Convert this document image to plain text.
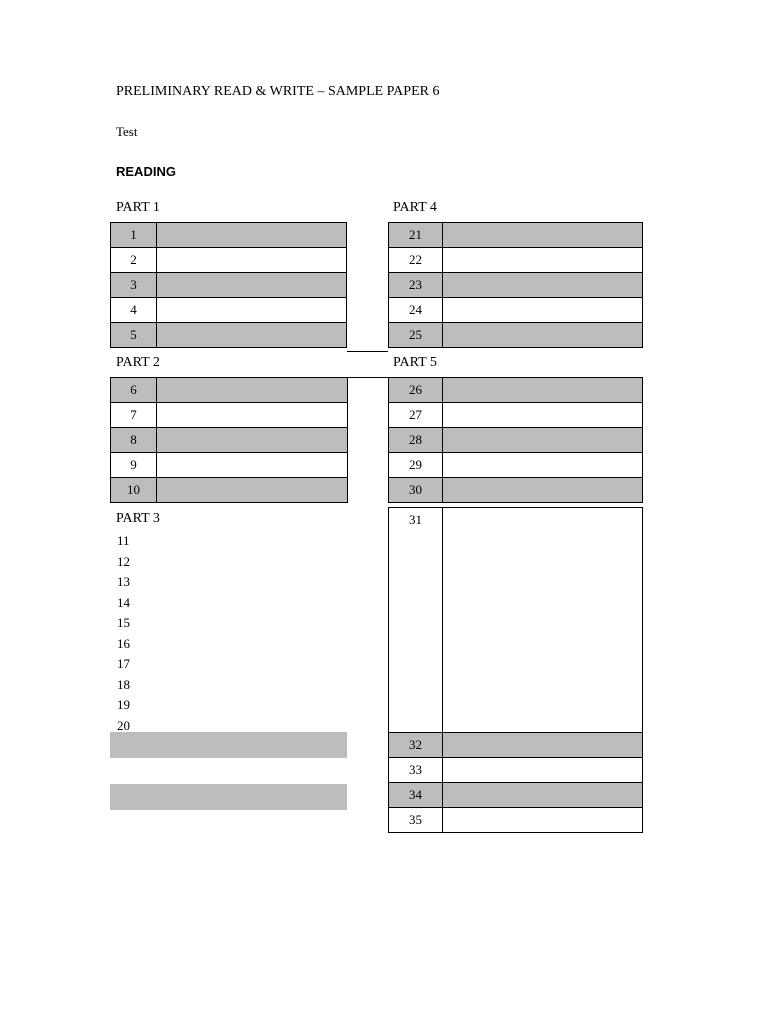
PRELIMINARY READ & WRITE – SAMPLE PAPER 6
Test
READING
PART 1
1	
2	
3	
4	
5	
PART 4
21	
22	
23	
24	
25	
PART 2
6	
7	
8	
9	
10	
PART 5
26	
27	
28	
29	
30	
PART 3
11
12
13
14
15
16
17
18
19
20
31	
32	
33	
34	
35	
